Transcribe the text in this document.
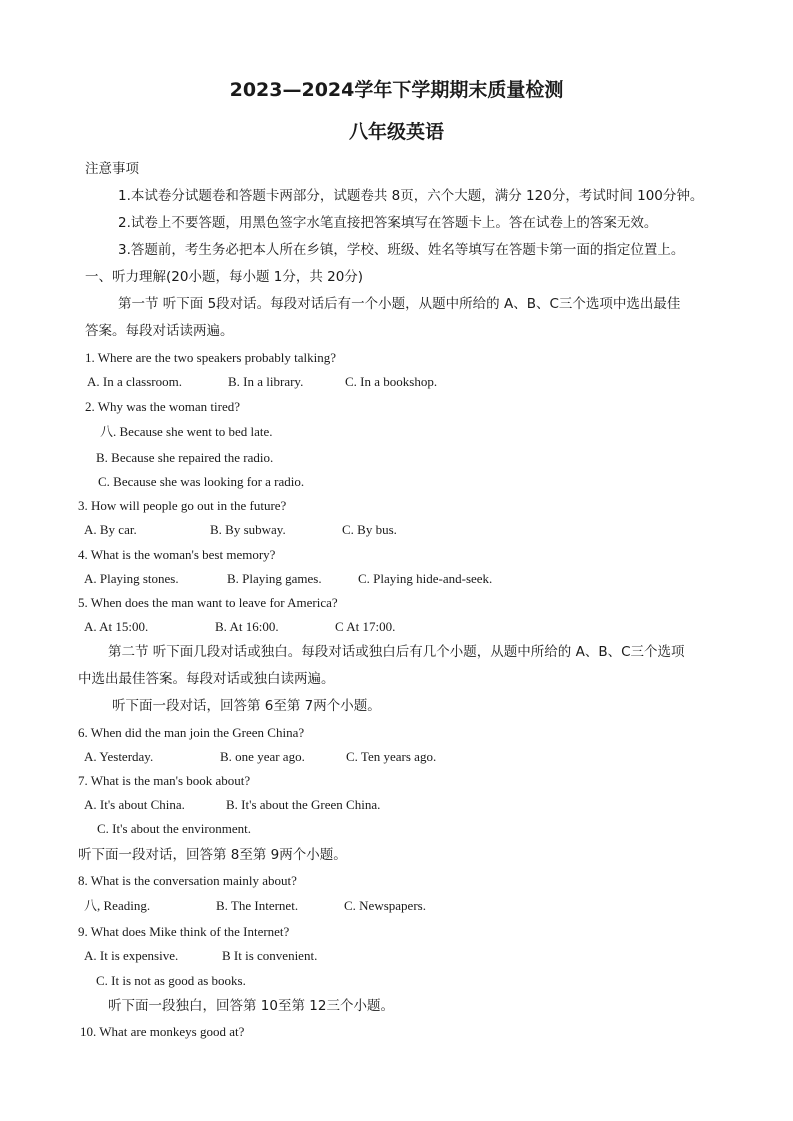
2023—2024学年下学期期末质量检测
八年级英语
注意事项
1.本试卷分试题卷和答题卡两部分，试题卷共 8页，六个大题，满分 120分，考试时间 100分钟。
2.试卷上不要答题，用黑色签字水笔直接把答案填写在答题卡上。答在试卷上的答案无效。
3.答题前，考生务必把本人所在乡镇，学校、班级、姓名等填写在答题卡第一面的指定位置上。
一、听力理解(20小题，每小题 1分，共 20分)
第一节 听下面 5段对话。每段对话后有一个小题，从题中所给的 A、B、C三个选项中选出最佳
答案。每段对话读两遍。
1. Where are the two speakers probably talking?
A. In a classroom.	B. In a library.	C. In a bookshop.
2. Why was the woman tired?
八. Because she went to bed late.
B. Because she repaired the radio.
C. Because she was looking for a radio.
3. How will people go out in the future?
A. By car.	B. By subway.	C. By bus.
4. What is the woman's best memory?
A. Playing stones.	B. Playing games.	C. Playing hide-and-seek.
5. When does the man want to leave for America?
A. At 15:00.	B. At 16:00.	C At 17:00.
第二节 听下面几段对话或独白。每段对话或独白后有几个小题，从题中所给的 A、B、C三个选项
中选出最佳答案。每段对话或独白读两遍。
听下面一段对话，回答第 6至第 7两个小题。
6. When did the man join the Green China?
A. Yesterday.	B. one year ago.	C. Ten years ago.
7. What is the man's book about?
A. It's about China.	B. It's about the Green China.
C. It's about the environment.
听下面一段对话，回答第 8至第 9两个小题。
8. What is the conversation mainly about?
八, Reading.	B. The Internet.	C. Newspapers.
9. What does Mike think of the Internet?
A. It is expensive.	B It is convenient.
C. It is not as good as books.
听下面一段独白，回答第 10至第 12三个小题。
10. What are monkeys good at?
